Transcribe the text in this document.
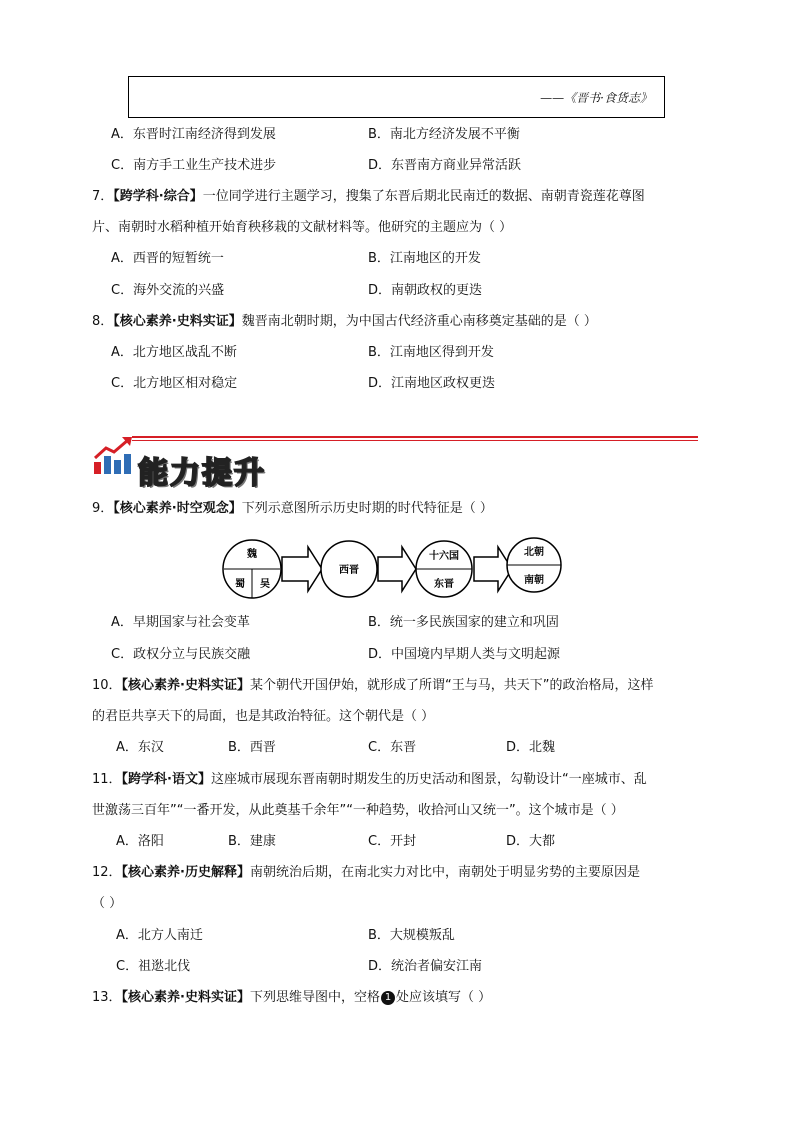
——《晋书·食货志》
A．东晋时江南经济得到发展	B．南北方经济发展不平衡
C．南方手工业生产技术进步	D．东晋南方商业异常活跃
7．【跨学科·综合】一位同学进行主题学习，搜集了东晋后期北民南迁的数据、南朝青瓷莲花尊图
片、南朝时水稻种植开始育秧移栽的文献材料等。他研究的主题应为（ ）
A．西晋的短暂统一	B．江南地区的开发
C．海外交流的兴盛	D．南朝政权的更迭
8．【核心素养·史料实证】魏晋南北朝时期，为中国古代经济重心南移奠定基础的是（ ）
A．北方地区战乱不断	B．江南地区得到开发
C．北方地区相对稳定	D．江南地区政权更迭
能力提升
9．【核心素养·时空观念】下列示意图所示历史时期的时代特征是（ ）
魏
蜀 吴
西晋
十六国
东晋
北朝
南朝
A．早期国家与社会变革	B．统一多民族国家的建立和巩固
C．政权分立与民族交融	D．中国境内早期人类与文明起源
10．【核心素养·史料实证】某个朝代开国伊始，就形成了所谓“王与马，共天下”的政治格局，这样
的君臣共享天下的局面，也是其政治特征。这个朝代是（ ）
A．东汉	B．西晋	C．东晋	D．北魏
11．【跨学科·语文】这座城市展现东晋南朝时期发生的历史活动和图景，勾勒设计“一座城市、乱
世激荡三百年”“一番开发，从此奠基千余年”“一种趋势，收拾河山又统一”。这个城市是（ ）
A．洛阳	B．建康	C．开封	D．大都
12．【核心素养·历史解释】南朝统治后期，在南北实力对比中，南朝处于明显劣势的主要原因是
（ ）
A．北方人南迁	B．大规模叛乱
C．祖逖北伐	D．统治者偏安江南
13．【核心素养·史料实证】下列思维导图中，空格 1 处应该填写（ ）
